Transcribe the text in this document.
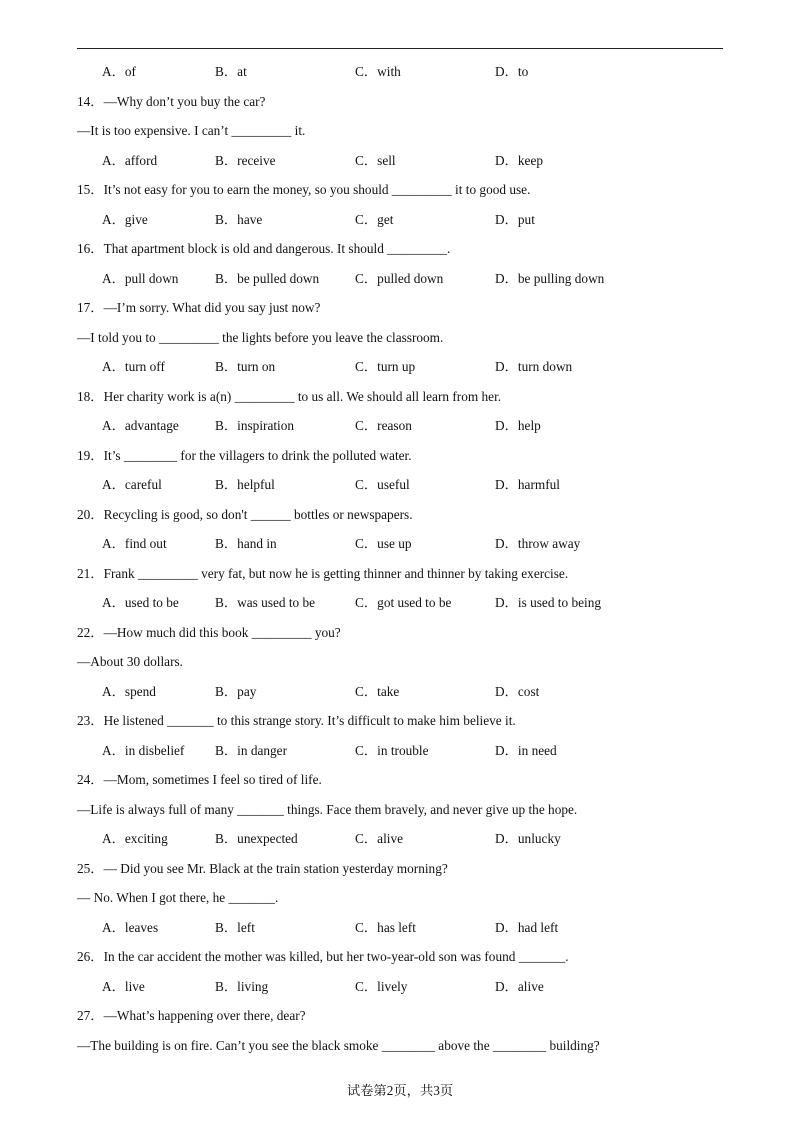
A．of	B．at	C．with	D．to
14．—Why don’t you buy the car?
—It is too expensive. I can’t _________ it.
A．afford	B．receive	C．sell	D．keep
15．It’s not easy for you to earn the money, so you should _________ it to good use.
A．give	B．have	C．get	D．put
16．That apartment block is old and dangerous. It should _________.
A．pull down	B．be pulled down	C．pulled down	D．be pulling down
17．—I’m sorry. What did you say just now?
—I told you to _________ the lights before you leave the classroom.
A．turn off	B．turn on	C．turn up	D．turn down
18．Her charity work is a(n) _________ to us all. We should all learn from her.
A．advantage	B．inspiration	C．reason	D．help
19．It’s ________ for the villagers to drink the polluted water.
A．careful	B．helpful	C．useful	D．harmful
20．Recycling is good, so don't ______ bottles or newspapers.
A．find out	B．hand in	C．use up	D．throw away
21．Frank _________ very fat, but now he is getting thinner and thinner by taking exercise.
A．used to be	B．was used to be	C．got used to be	D．is used to being
22．—How much did this book _________ you?
—About 30 dollars.
A．spend	B．pay	C．take	D．cost
23．He listened _______ to this strange story. It’s difficult to make him believe it.
A．in disbelief B．in danger	C．in trouble	D．in need
24．—Mom, sometimes I feel so tired of life.
—Life is always full of many _______ things. Face them bravely, and never give up the hope.
A．exciting	B．unexpected	C．alive	D．unlucky
25．— Did you see Mr. Black at the train station yesterday morning?
— No. When I got there, he _______.
A．leaves	B．left	C．has left	D．had left
26．In the car accident the mother was killed, but her two-year-old son was found _______.
A．live	B．living	C．lively	D．alive
27．—What’s happening over there, dear?
—The building is on fire. Can’t you see the black smoke ________ above the ________ building?
试卷第2页，共3页
